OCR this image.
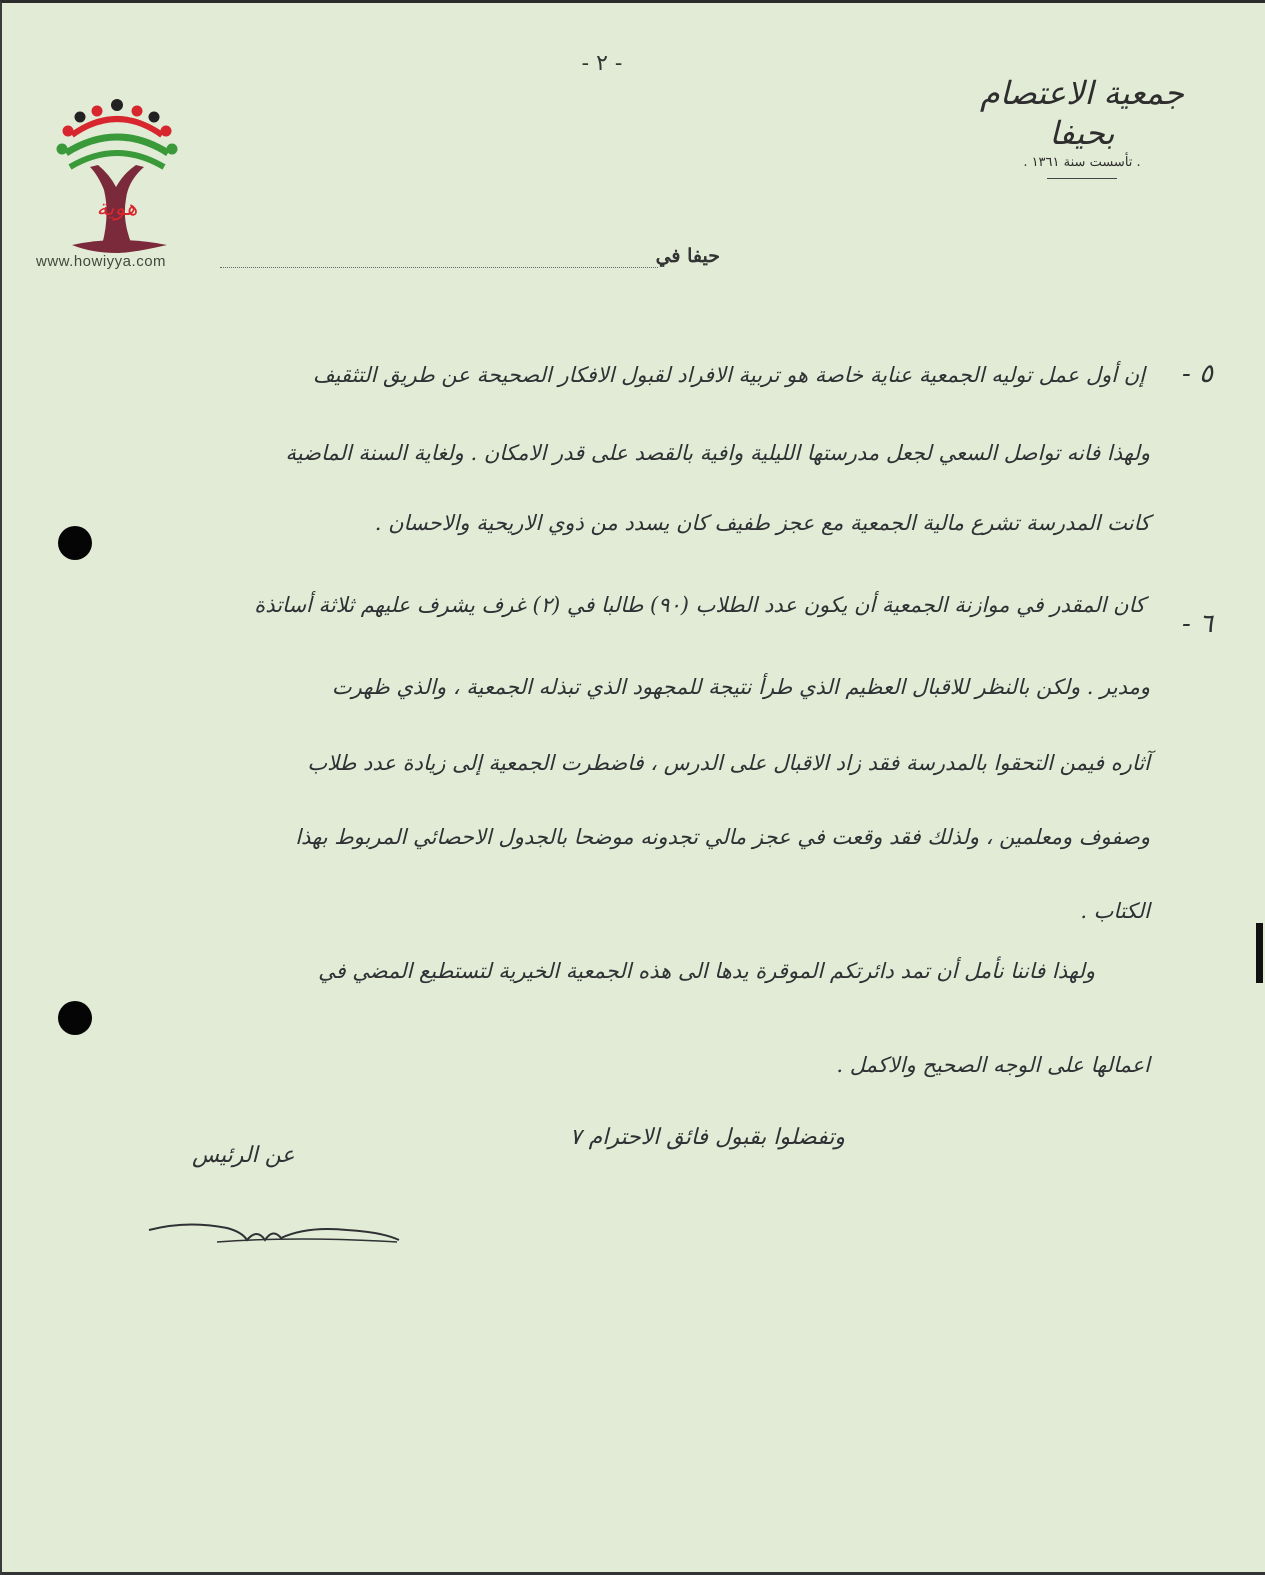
- ٢ -
هوية
www.howiyya.com
جمعية الاعتصام بحيفا
. تأسست سنة ١٣٦١ .
حيفا في
٥ -
إن أول عمل توليه الجمعية عناية خاصة هو تربية الافراد لقبول الافكار الصحيحة عن طريق التثقيف
ولهذا فانه تواصل السعي لجعل مدرستها الليلية وافية بالقصد على قدر الامكان . ولغاية السنة الماضية
كانت المدرسة تشرع مالية الجمعية مع عجز طفيف كان يسدد من ذوي الاريحية والاحسان .
٦ -
كان المقدر في موازنة الجمعية أن يكون عدد الطلاب (٩٠) طالبا في (٢) غرف يشرف عليهم ثلاثة أساتذة
ومدير . ولكن بالنظر للاقبال العظيم الذي طرأ نتيجة للمجهود الذي تبذله الجمعية ، والذي ظهرت
آثاره فيمن التحقوا بالمدرسة فقد زاد الاقبال على الدرس ، فاضطرت الجمعية إلى زيادة عدد طلاب
وصفوف ومعلمين ، ولذلك فقد وقعت في عجز مالي تجدونه موضحا بالجدول الاحصائي المربوط بهذا
الكتاب .
ولهذا فاننا نأمل أن تمد دائرتكم الموقرة يدها الى هذه الجمعية الخيرية لتستطيع المضي في
اعمالها على الوجه الصحيح والاكمل .
وتفضلوا بقبول فائق الاحترام ٧
عن الرئيس
